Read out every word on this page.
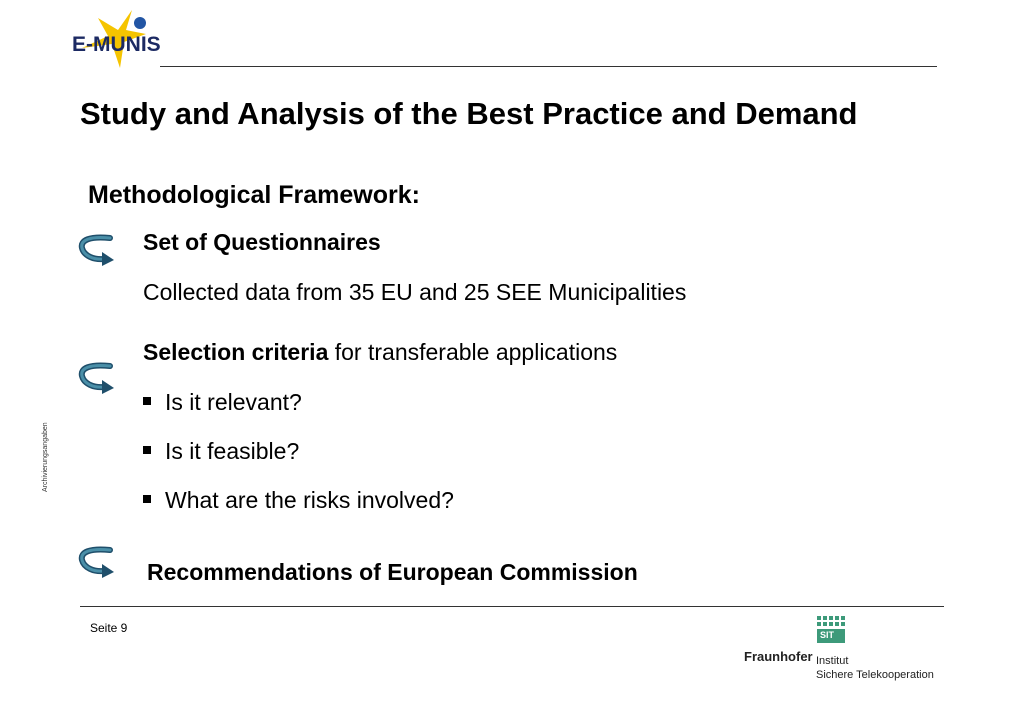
E-MUNIS
Study and Analysis of the Best Practice and Demand
Methodological Framework:
Set of Questionnaires
Collected data from 35 EU and 25 SEE Municipalities
Selection criteria for transferable applications
Is it relevant?
Is it feasible?
What are the risks involved?
Recommendations of European Commission
Archivierungsangaben
Seite 9	SIT
Fraunhofer Institut
Sichere Telekooperation
